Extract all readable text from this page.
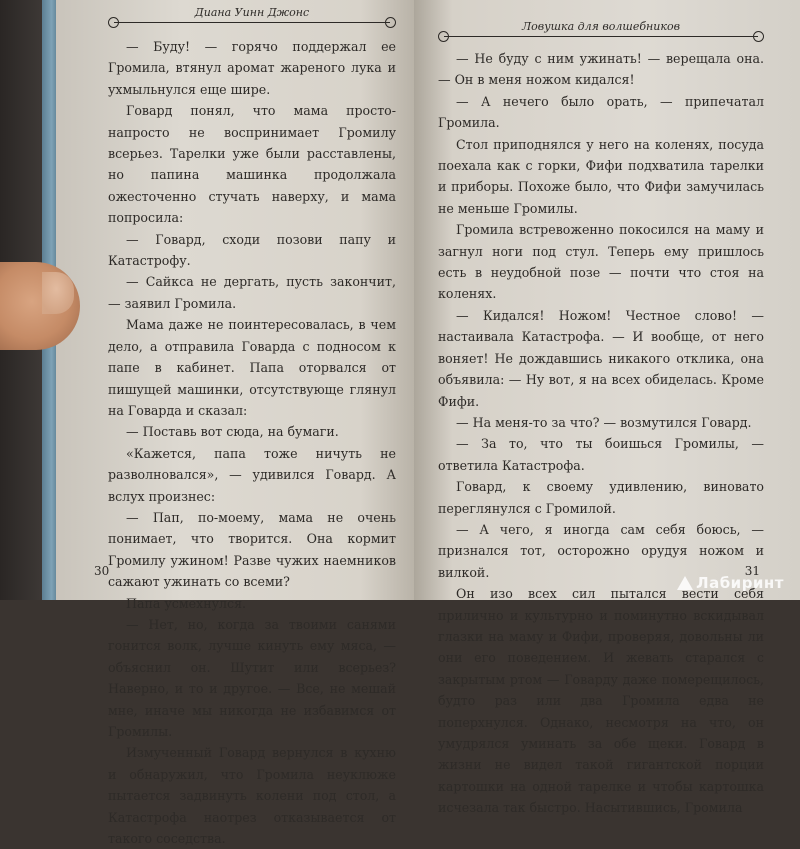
Диана Уинн Джонс

— Буду! — горячо поддержал ее Громила, втянул аромат жареного лука и ухмыльнулся еще шире.

Говард понял, что мама просто-напросто не воспринимает Громилу всерьез. Тарелки уже были расставлены, но папина машинка продолжала ожесточенно стучать наверху, и мама попросила:

— Говард, сходи позови папу и Катастрофу.

— Сайкса не дергать, пусть закончит, — заявил Громила.

Мама даже не поинтересовалась, в чем дело, а отправила Говарда с подносом к папе в кабинет. Папа оторвался от пишущей машинки, отсутствующе глянул на Говарда и сказал:

— Поставь вот сюда, на бумаги.

«Кажется, папа тоже ничуть не разволновался», — удивился Говард. А вслух произнес:

— Пап, по-моему, мама не очень понимает, что творится. Она кормит Громилу ужином! Разве чужих наемников сажают ужинать со всеми?

Папа усмехнулся.

— Нет, но, когда за твоими санями гонится волк, лучше кинуть ему мяса, — объяснил он. Шутит или всерьез? Наверно, и то и другое. — Все, не мешай мне, иначе мы никогда не избавимся от Громилы.

Измученный Говард вернулся в кухню и обнаружил, что Громила неуклюже пытается задвинуть колени под стол, а Катастрофа наотрез отказывается от такого соседства.

30
Ловушка для волшебников

— Не буду с ним ужинать! — верещала она. — Он в меня ножом кидался!

— А нечего было орать, — припечатал Громила.

Стол приподнялся у него на коленях, посуда поехала как с горки, Фифи подхватила тарелки и приборы. Похоже было, что Фифи замучилась не меньше Громилы.

Громила встревоженно покосился на маму и загнул ноги под стул. Теперь ему пришлось есть в неудобной позе — почти что стоя на коленях.

— Кидался! Ножом! Честное слово! — настаивала Катастрофа. — И вообще, от него воняет! Не дождавшись никакого отклика, она объявила: — Ну вот, я на всех обиделась. Кроме Фифи.

— На меня-то за что? — возмутился Говард.

— За то, что ты боишься Громилы, — ответила Катастрофа.

Говард, к своему удивлению, виновато переглянулся с Громилой.

— А чего, я иногда сам себя боюсь, — признался тот, осторожно орудуя ножом и вилкой.

Он изо всех сил пытался вести себя прилично и культурно и поминутно вскидывал глазки на маму и Фифи, проверяя, довольны ли они его поведением. И жевать старался с закрытым ртом — Говарду даже померещилось, будто раз или два Громила едва не поперхнулся. Однако, несмотря на что, он умудрялся уминать за обе щеки. Говард в жизни не видел такой гигантской порции картошки на одной тарелке и чтобы картошка исчезала так быстро. Насытившись, Громила

31
Лабиринт
